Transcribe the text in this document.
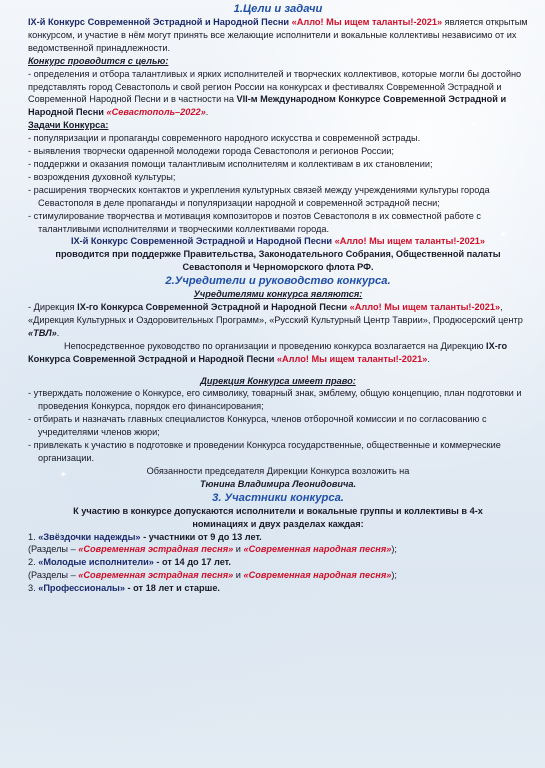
✦
✦
✦
1.Цели и задачи

IX-й Конкурс Современной Эстрадной и Народной Песни «Алло! Мы ищем таланты!-2021» является открытым конкурсом, и участие в нём могут принять все желающие исполнители и вокальные коллективы независимо от их ведомственной принадлежности.

Конкурс проводится с целью:

- определения и отбора талантливых и ярких исполнителей и творческих коллективов, которые могли бы достойно представлять город Севастополь и свой регион России на конкурсах и фестивалях Современной Эстрадной и Современной Народной Песни и в частности на VII-м Международном Конкурсе Современной Эстрадной и Народной Песни «Севастополь–2022».

Задачи Конкурса:

- популяризации и пропаганды современного народного искусства и современной эстрады.

- выявления творчески одаренной молодежи города Севастополя и регионов России;

- поддержки и оказания помощи талантливым исполнителям и коллективам в их становлении;

- возрождения духовной культуры;

- расширения творческих контактов и укрепления культурных связей между учреждениями культуры города Севастополя в деле пропаганды и популяризации народной и современной эстрадной песни;

- стимулирование творчества и мотивация композиторов и поэтов Севастополя в их совместной работе с талантливыми исполнителями и творческими коллективами города.

IX-й Конкурс Современной Эстрадной и Народной Песни «Алло! Мы ищем таланты!-2021» проводится при поддержке Правительства, Законодательного Собрания, Общественной палаты Севастополя и Черноморского флота РФ.

2.Учредители и руководство конкурса.

Учредителями конкурса являются:

- Дирекция IX-го Конкурса Современной Эстрадной и Народной Песни «Алло! Мы ищем таланты!-2021», «Дирекция Культурных и Оздоровительных Программ», «Русский Культурный Центр Таврии», Продюсерский центр «ТВЛ».

Непосредственное руководство по организации и проведению конкурса возлагается на Дирекцию IX-го Конкурса Современной Эстрадной и Народной Песни «Алло! Мы ищем таланты!-2021».

Дирекция Конкурса имеет право:

- утверждать положение о Конкурсе, его символику, товарный знак, эмблему, общую концепцию, план подготовки и проведения Конкурса, порядок его финансирования;

- отбирать и назначать главных специалистов Конкурса, членов отборочной комиссии и по согласованию с учредителями членов жюри;

- привлекать к участию в подготовке и проведении Конкурса государственные, общественные и коммерческие организации.

Обязанности председателя Дирекции Конкурса возложить на

Тюнина Владимира Леонидовича.

3. Участники конкурса.

К участию в конкурсе допускаются исполнители и вокальные группы и коллективы в 4-х номинациях и двух разделах каждая:

1. «Звёздочки надежды» - участники от 9 до 13 лет.

(Разделы – «Современная эстрадная песня» и «Современная народная песня»);

2. «Молодые исполнители» - от 14 до 17 лет.

(Разделы – «Современная эстрадная песня» и «Современная народная песня»);

3. «Профессионалы» - от 18 лет и старше.
